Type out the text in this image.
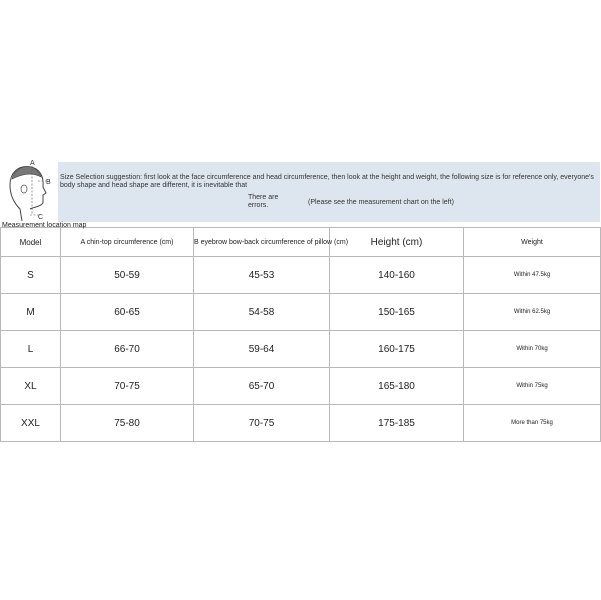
A
B
C
Measurement location map
Size Selection suggestion: first look at the face circumference and head circumference, then look at the height and weight, the following size is for reference only, everyone's body shape and head shape are different, it is inevitable that
There are errors.	(Please see the measurement chart on the left)
Model	A chin-top circumference (cm)	B eyebrow bow-back circumference of pillow (cm)	Height (cm)	Weight
S	50-59	45-53	140-160	Within 47.5kg
M	60-65	54-58	150-165	Within 62.5kg
L	66-70	59-64	160-175	Within 70kg
XL	70-75	65-70	165-180	Within 75kg
XXL	75-80	70-75	175-185	More than 75kg
